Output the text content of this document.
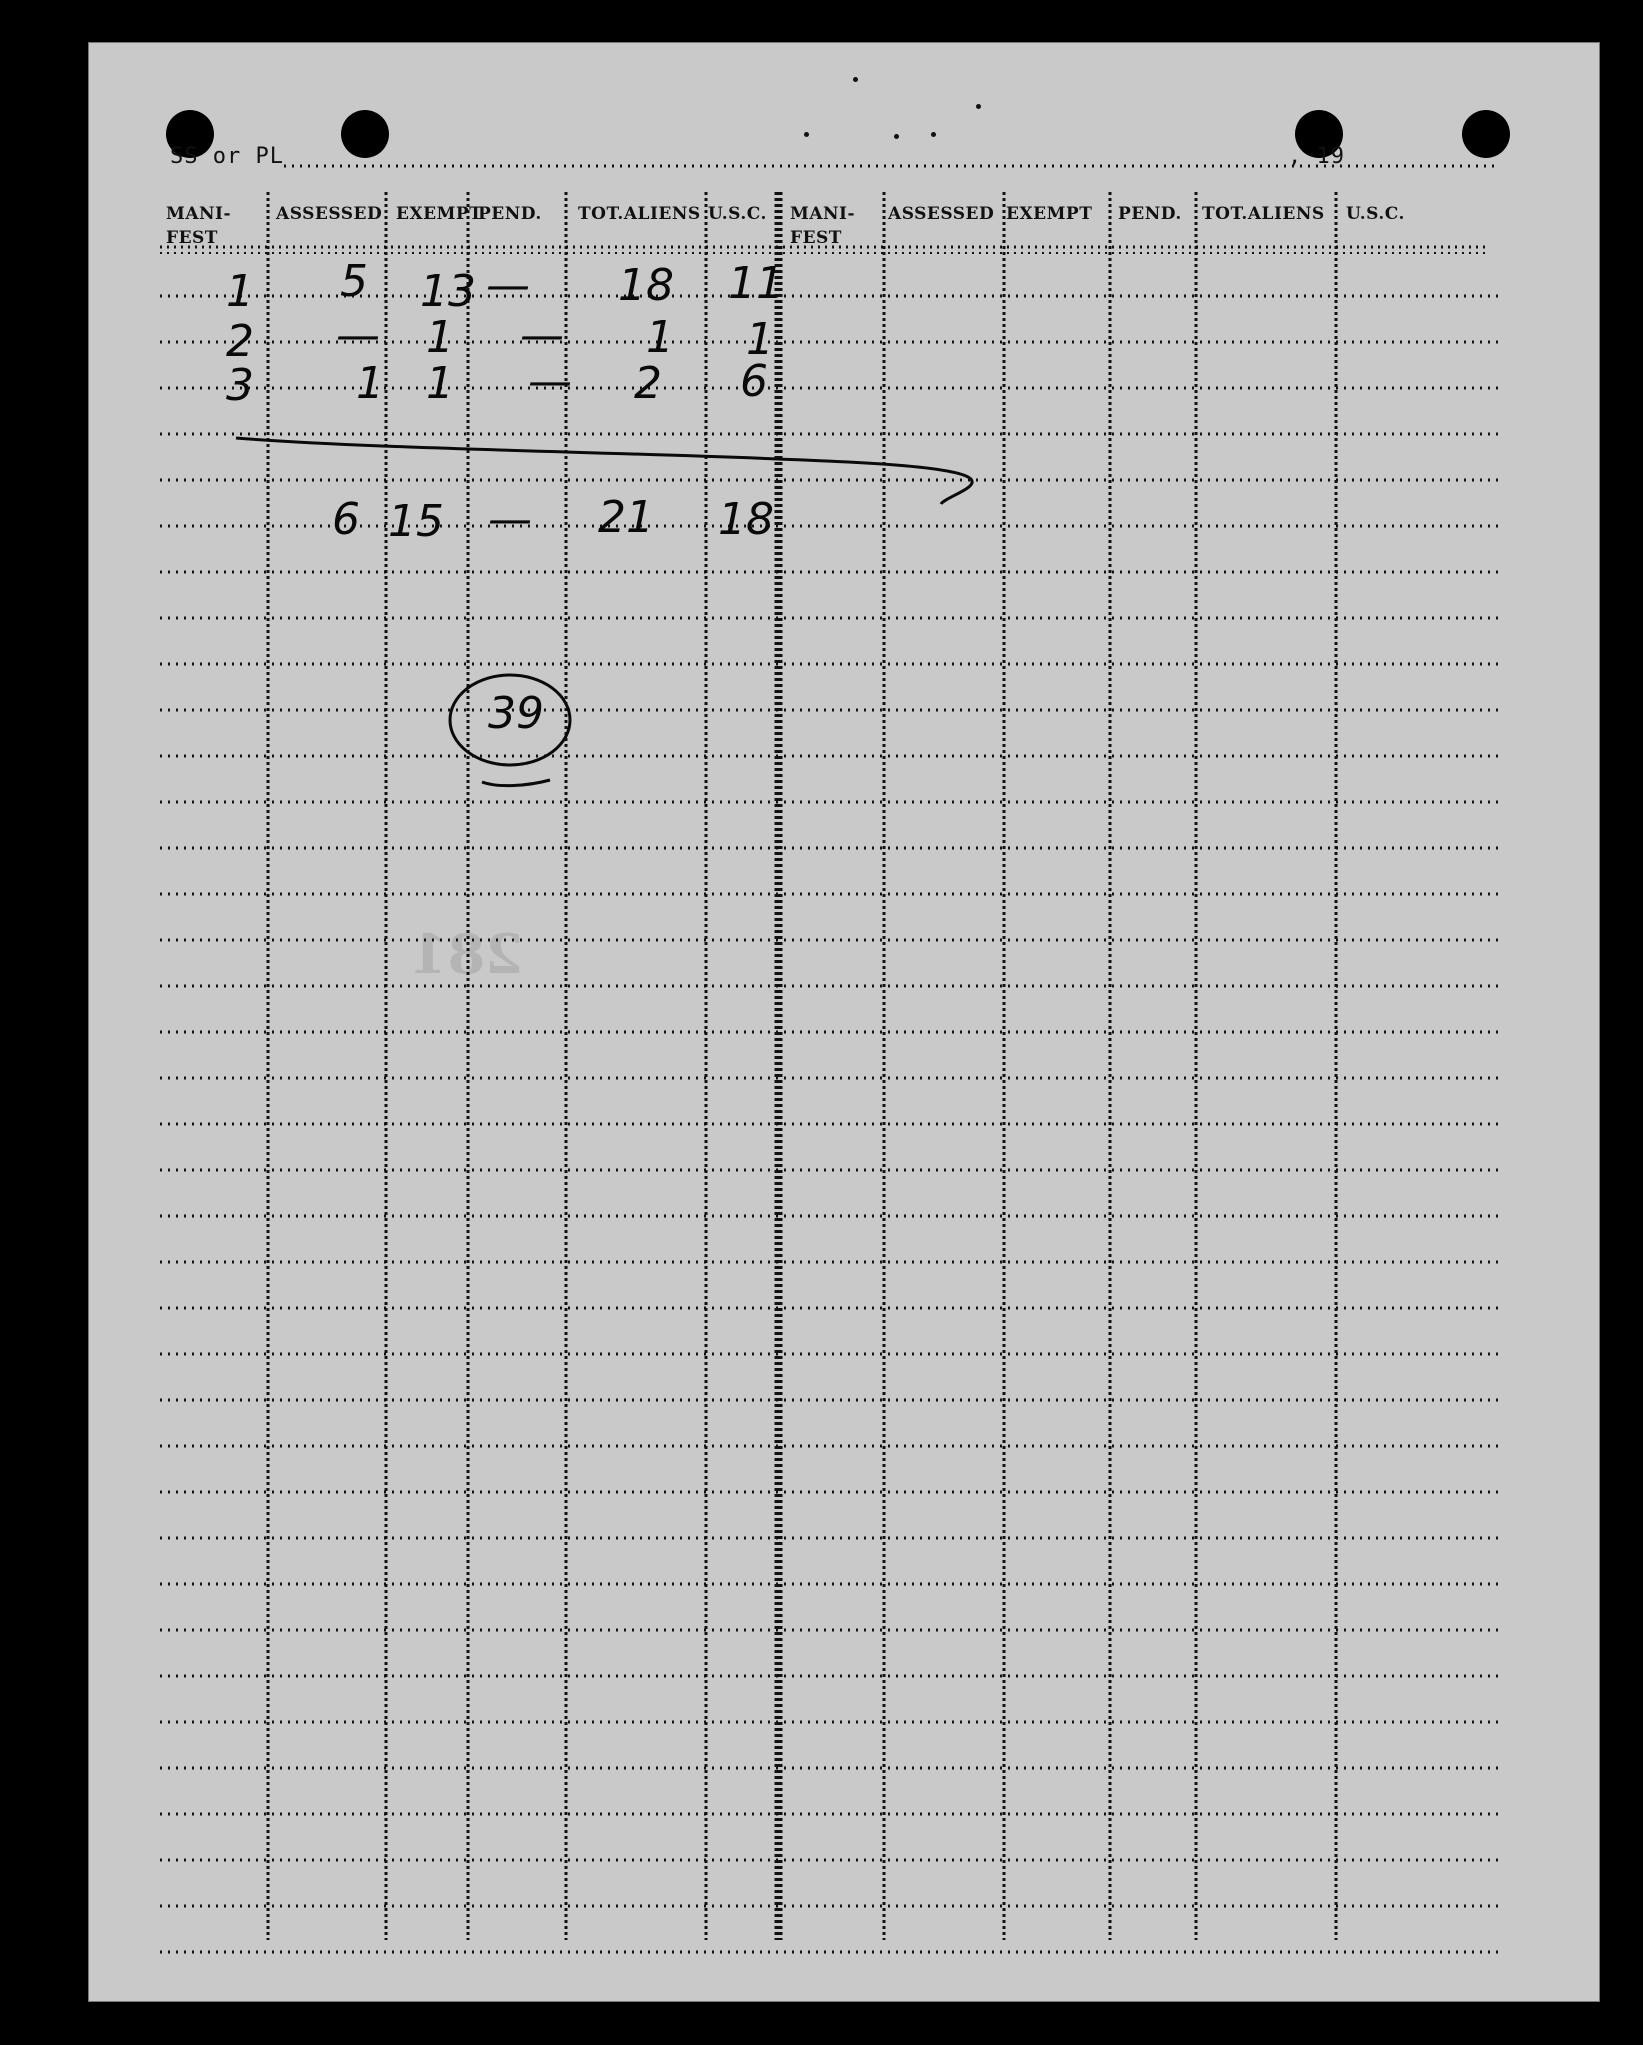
281
SS or PL	, 19
MANI-
FEST
ASSESSED EXEMPT
PEND. TOT.ALIENS U.S.C. MANI-
FEST
ASSESSED EXEMPT PEND. TOT.ALIENS U.S.C.
1 5 13 — 18 11
2 — 1 — 1 1
3 1 1 — 2 6
6 15 — 21 18
39
